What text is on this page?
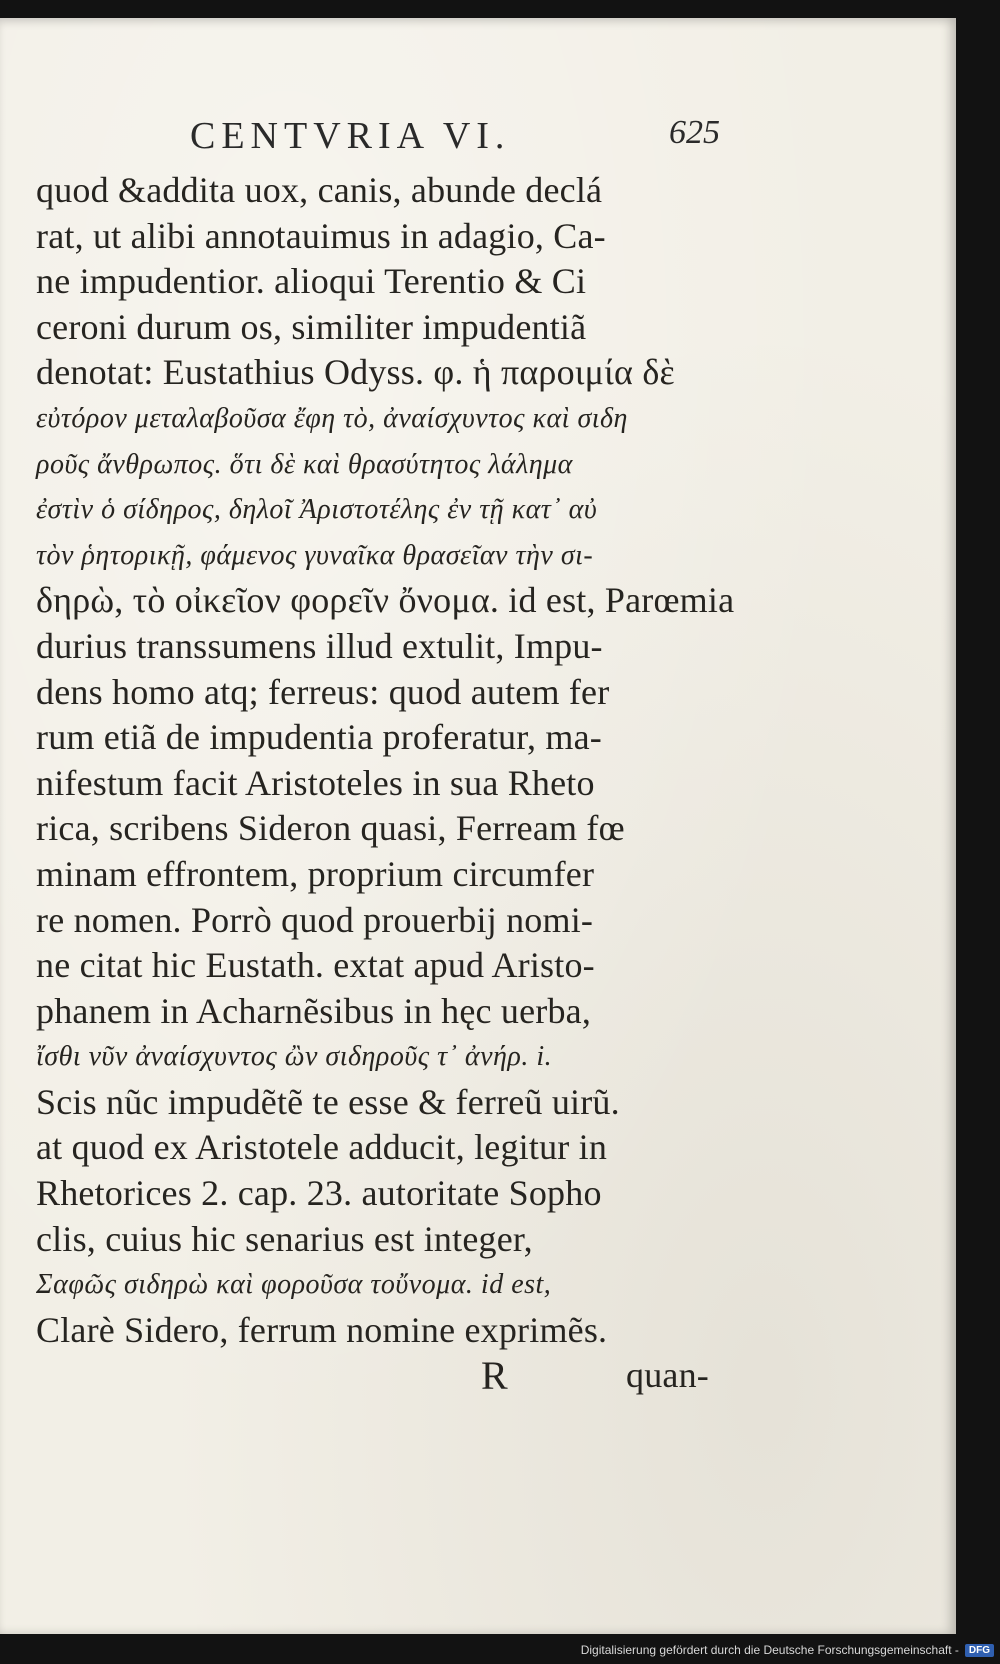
CENTVRIA VI.	625
quod &addita uox, canis, abunde declá
rat, ut alibi annotauimus in adagio, Ca-
ne impudentior. alioqui Terentio & Ci
ceroni durum os, similiter impudentiã
denotat: Eustathius Odyss. φ. ἡ παροιμία δὲ
εὐτόρον μεταλαβοῦσα ἔφη τὸ, ἀναίσχυντος καὶ σιδη
ροῦς ἄνθρωπος. ὅτι δὲ καὶ θρασύτητος λάλημα
ἐστὶν ὁ σίδηρος, δηλοῖ Ἀριστοτέλης ἐν τῇ κατ᾽ αὐ
τὸν ῥητορικῇ, φάμενος γυναῖκα θρασεῖαν τὴν σι-
δηρὼ, τὸ οἰκεῖον φορεῖν ὄνομα. id est, Parœmia
durius transsumens illud extulit, Impu-
dens homo atq; ferreus: quod autem fer
rum etiã de impudentia proferatur, ma-
nifestum facit Aristoteles in sua Rheto
rica, scribens Sideron quasi, Ferream fœ
minam effrontem, proprium circumfer
re nomen. Porrò quod prouerbij nomi-
ne citat hic Eustath. extat apud Aristo-
phanem in Acharnẽsibus in hęc uerba,
ἴσθι νῦν ἀναίσχυντος ὢν σιδηροῦς τ᾽ ἀνήρ. i.
Scis nũc impudẽtẽ te esse & ferreũ uirũ.
at quod ex Aristotele adducit, legitur in
Rhetorices 2. cap. 23. autoritate Sopho
clis, cuius hic senarius est integer,
Σαφῶς σιδηρὼ καὶ φοροῦσα τοὔνομα. id est,
Clarè Sidero, ferrum nomine exprimẽs.
R	quan-
Digitalisierung gefördert durch die Deutsche Forschungsgemeinschaft -	DFG
